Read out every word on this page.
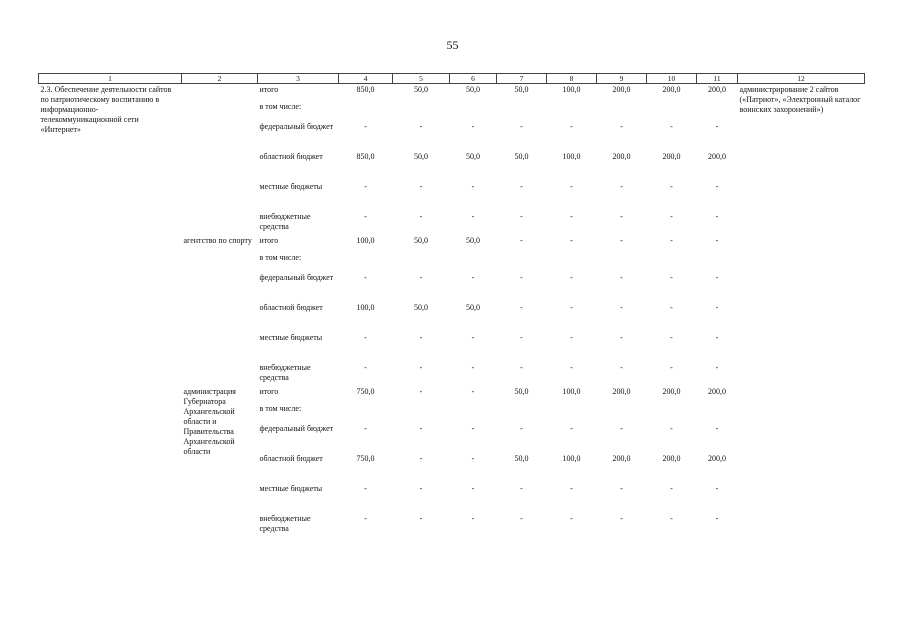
55
1	2	3	4	5	6	7	8	9	10	11	12
2.3. Обеспечение деятельности сайтов по патриотическому воспитанию в информационно-телекоммуникационной сети «Интернет»		итого	850,0	50,0	50,0	50,0	100,0	200,0	200,0	200,0	администрирование 2 сайтов («Патриот», «Электронный каталог воинских захоронений»)
		в том числе:									
		федеральный бюджет	-	-	-	-	-	-	-	-	
		областной бюджет	850,0	50,0	50,0	50,0	100,0	200,0	200,0	200,0	
		местные бюджеты	-	-	-	-	-	-	-	-	
		внебюджетные средства	-	-	-	-	-	-	-	-	
	агентство по спорту	итого	100,0	50,0	50,0	-	-	-	-	-	
		в том числе:									
		федеральный бюджет	-	-	-	-	-	-	-	-	
		областной бюджет	100,0	50,0	50,0	-	-	-	-	-	
		местные бюджеты	-	-	-	-	-	-	-	-	
		внебюджетные средства	-	-	-	-	-	-	-	-	
	администрация Губернатора Архангельской области и Правительства Архангельской области	итого	750,0	-	-	50,0	100,0	200,0	200,0	200,0	
		в том числе:									
		федеральный бюджет	-	-	-	-	-	-	-	-	
		областной бюджет	750,0	-	-	50,0	100,0	200,0	200,0	200,0	
		местные бюджеты	-	-	-	-	-	-	-	-	
		внебюджетные средства	-	-	-	-	-	-	-	-	
